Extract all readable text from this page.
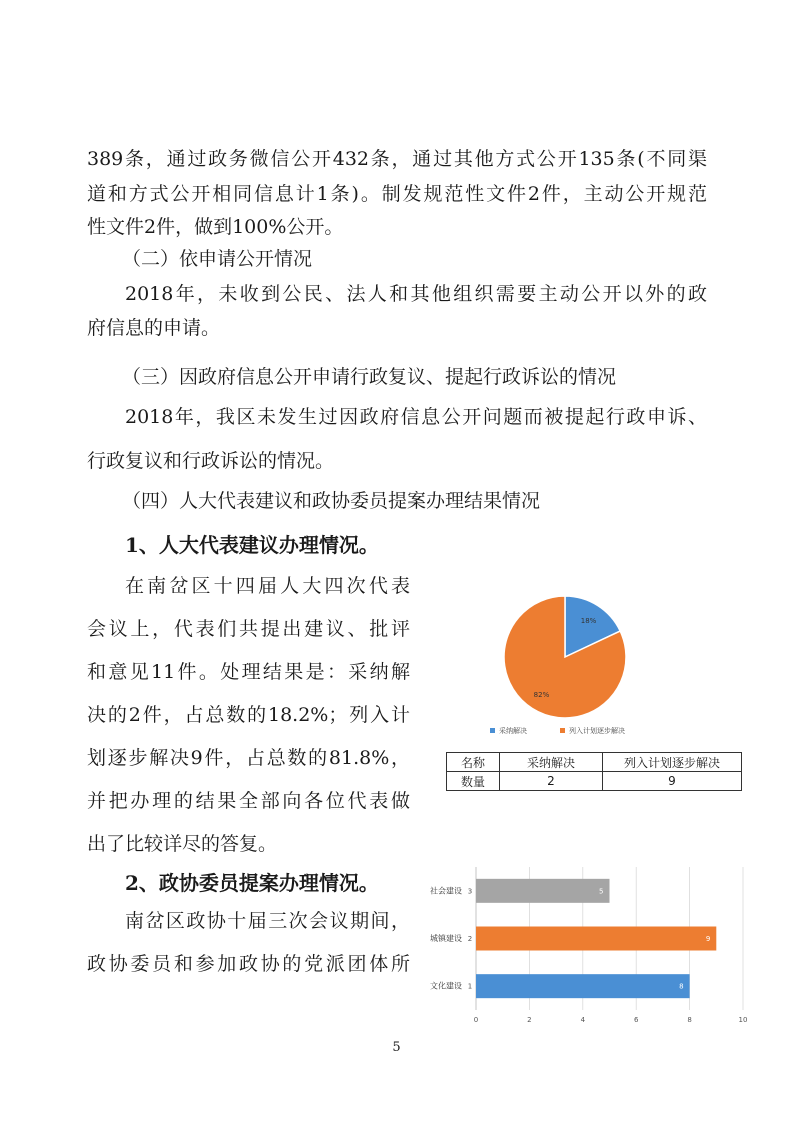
389条，通过政务微信公开432条，通过其他方式公开135条(不同渠
道和方式公开相同信息计1条)。制发规范性文件2件，主动公开规范
性文件2件，做到100%公开。
（二）依申请公开情况
2018年，未收到公民、法人和其他组织需要主动公开以外的政
府信息的申请。
（三）因政府信息公开申请行政复议、提起行政诉讼的情况
2018年，我区未发生过因政府信息公开问题而被提起行政申诉、
行政复议和行政诉讼的情况。
（四）人大代表建议和政协委员提案办理结果情况
1、人大代表建议办理情况。
在南岔区十四届人大四次代表
会议上，代表们共提出建议、批评
和意见11件。处理结果是：采纳解
决的2件，占总数的18.2%；列入计
划逐步解决9件，占总数的81.8%，
并把办理的结果全部向各位代表做
出了比较详尽的答复。
2、政协委员提案办理情况。
南岔区政协十届三次会议期间，
政协委员和参加政协的党派团体所
18%
82%
采纳解决	列入计划逐步解决
名称	采纳解决	列入计划逐步解决
数量	2	9
0	2	4	6	8	10
8
文化建设 1
9
城镇建设 2
5
社会建设 3
5
